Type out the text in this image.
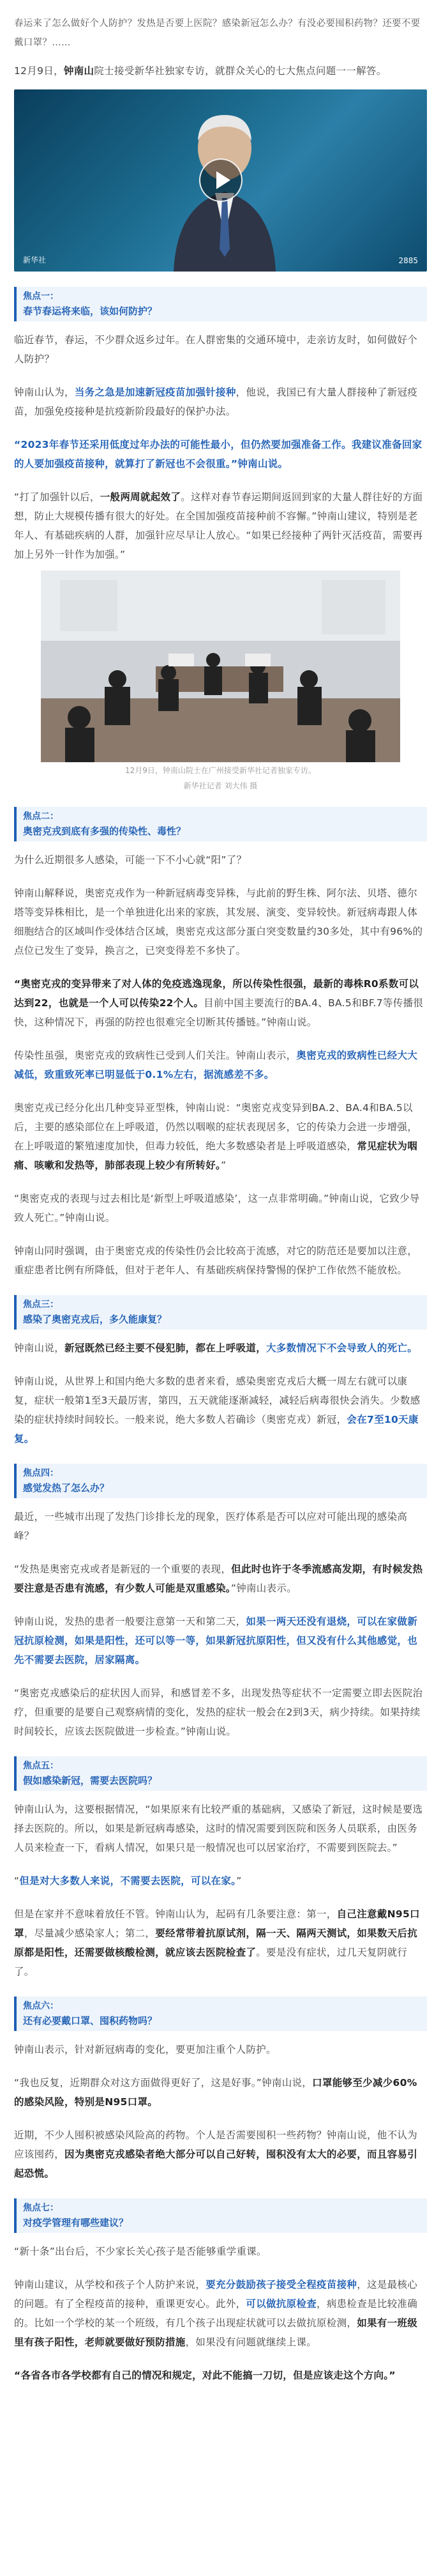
春运来了怎么做好个人防护？发热是否要上医院？感染新冠怎么办？有没必要囤积药物？还要不要戴口罩？……

12月9日，钟南山院士接受新华社独家专访，就群众关心的七大焦点问题一一解答。

新华社	2885
焦点一：
春节春运将来临，该如何防护？

临近春节，春运，不少群众返乡过年。在人群密集的交通环境中，走亲访友时，如何做好个人防护？

钟南山认为，当务之急是加速新冠疫苗加强针接种，他说，我国已有大量人群接种了新冠疫苗，加强免疫接种是抗疫新阶段最好的保护办法。

“2023年春节还采用低度过年办法的可能性最小，但仍然要加强准备工作。我建议准备回家的人要加强疫苗接种，就算打了新冠也不会很重。”钟南山说。

“打了加强针以后，一般两周就起效了。这样对春节春运期间返回到家的大量人群往好的方面想，防止大规模传播有很大的好处。在全国加强疫苗接种前不容懈。”钟南山建议，特别是老年人、有基础疾病的人群，加强针应尽早让人放心。“如果已经接种了两针灭活疫苗，需要再加上另外一针作为加强。”

12月9日，钟南山院士在广州接受新华社记者独家专访。

新华社记者 刘大伟 摄

焦点二：
奥密克戎到底有多强的传染性、毒性？

为什么近期很多人感染，可能一下不小心就“阳”了？

钟南山解释说，奥密克戎作为一种新冠病毒变异株，与此前的野生株、阿尔法、贝塔、德尔塔等变异株相比，是一个单独进化出来的家族，其发展、演变、变异较快。新冠病毒跟人体细胞结合的区域叫作受体结合区域，奥密克戎这部分蛋白突变数量约30多处，其中有96%的点位已发生了变异，换言之，已突变得差不多快了。

“奥密克戎的变异带来了对人体的免疫逃逸现象，所以传染性很强，最新的毒株R0系数可以达到22，也就是一个人可以传染22个人。目前中国主要流行的BA.4、BA.5和BF.7等传播很快，这种情况下，再强的防控也很难完全切断其传播链。”钟南山说。

传染性虽强，奥密克戎的致病性已受到人们关注。钟南山表示，奥密克戎的致病性已经大大减低，致重致死率已明显低于0.1%左右，据流感差不多。

奥密克戎已经分化出几种变异亚型株，钟南山说：“奥密克戎变异到BA.2、BA.4和BA.5以后，主要的感染部位在上呼吸道，仍然以咽喉的症状表现居多，它的传染力会进一步增强，在上呼吸道的繁殖速度加快，但毒力较低，绝大多数感染者是上呼吸道感染，常见症状为咽痛、咳嗽和发热等，肺部表现上较少有所转好。”

“奥密克戎的表现与过去相比是‘新型上呼吸道感染’，这一点非常明确。”钟南山说，它致少导致人死亡。”钟南山说。

钟南山同时强调，由于奥密克戎的传染性仍会比较高于流感，对它的防范还是要加以注意，重症患者比例有所降低，但对于老年人、有基础疾病保持警惕的保护工作依然不能放松。

焦点三：
感染了奥密克戎后，多久能康复？

钟南山说，新冠既然已经主要不侵犯肺，都在上呼吸道，大多数情况下不会导致人的死亡。

钟南山说，从世界上和国内绝大多数的患者来看，感染奥密克戎后大概一周左右就可以康复，症状一般第1至3天最厉害，第四，五天就能逐渐减轻，减轻后病毒很快会消失。少数感染的症状持续时间较长。一般来说，绝大多数人若确诊（奥密克戎）新冠，会在7至10天康复。

焦点四：
感觉发热了怎么办？

最近，一些城市出现了发热门诊排长龙的现象，医疗体系是否可以应对可能出现的感染高峰？

“发热是奥密克戎或者是新冠的一个重要的表现，但此时也许于冬季流感高发期，有时候发热要注意是否患有流感，有少数人可能是双重感染。”钟南山表示。

钟南山说，发热的患者一般要注意第一天和第二天，如果一两天还没有退烧，可以在家做新冠抗原检测，如果是阳性，还可以等一等，如果新冠抗原阳性，但又没有什么其他感觉，也先不需要去医院，居家隔离。

“奥密克戎感染后的症状因人而异，和感冒差不多，出现发热等症状不一定需要立即去医院治疗，但重要的是要自己观察病情的变化，发热的症状一般会在2到3天，病少持续。如果持续时间较长，应该去医院做进一步检查。”钟南山说。

焦点五：
假如感染新冠，需要去医院吗？

钟南山认为，这要根据情况，“如果原来有比较严重的基础病，又感染了新冠，这时候是要选择去医院的。所以，如果是新冠病毒感染，这时的情况需要到医院和医务人员联系，由医务人员来检查一下，看病人情况，如果只是一般情况也可以居家治疗，不需要到医院去。”

“但是对大多数人来说，不需要去医院，可以在家。”

但是在家并不意味着放任不管。钟南山认为，起码有几条要注意：第一，自己注意戴N95口罩，尽量减少感染家人；第二，要经常带着抗原试剂，隔一天、隔两天测试，如果数天后抗原都是阳性，还需要做核酸检测，就应该去医院检查了。要是没有症状，过几天复阴就行了。

焦点六：
还有必要戴口罩、囤积药物吗？

钟南山表示，针对新冠病毒的变化，要更加注重个人防护。

“我也反复，近期群众对这方面做得更好了，这是好事。”钟南山说，口罩能够至少减少60%的感染风险，特别是N95口罩。

近期，不少人囤积被感染风险高的药物。个人是否需要囤积一些药物？钟南山说，他不认为应该囤药，因为奥密克戎感染者绝大部分可以自己好转，囤积没有太大的必要，而且容易引起恐慌。

焦点七：
对疫学管理有哪些建议？

“新十条”出台后，不少家长关心孩子是否能够重学重课。

钟南山建议，从学校和孩子个人防护来说，要充分鼓励孩子接受全程疫苗接种，这是最核心的问题。有了全程疫苗的接种，重课更安心。此外，可以做抗原检查，病患检查是比较准确的。比如一个学校的某一个班级，有几个孩子出现症状就可以去做抗原检测，如果有一班级里有孩子阳性，老师就要做好预防措施，如果没有问题就继续上课。

“各省各市各学校都有自己的情况和规定，对此不能搞一刀切，但是应该走这个方向。”
